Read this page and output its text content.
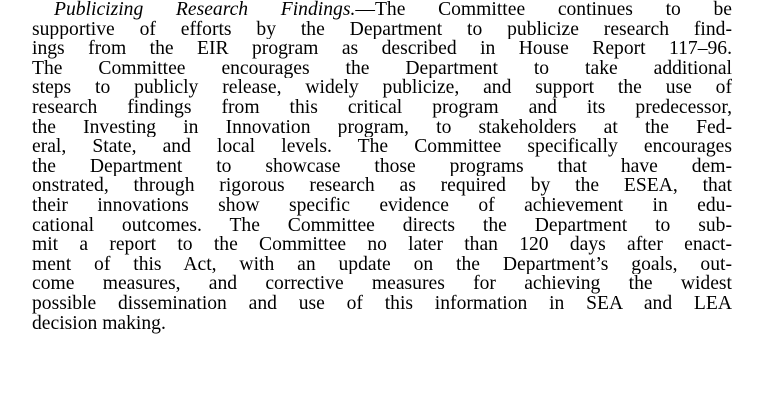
Publicizing Research Findings.—The Committee continues to be
supportive of efforts by the Department to publicize research find-
ings from the EIR program as described in House Report 117–96.
The Committee encourages the Department to take additional
steps to publicly release, widely publicize, and support the use of
research findings from this critical program and its predecessor,
the Investing in Innovation program, to stakeholders at the Fed-
eral, State, and local levels. The Committee specifically encourages
the Department to showcase those programs that have dem-
onstrated, through rigorous research as required by the ESEA, that
their innovations show specific evidence of achievement in edu-
cational outcomes. The Committee directs the Department to sub-
mit a report to the Committee no later than 120 days after enact-
ment of this Act, with an update on the Department’s goals, out-
come measures, and corrective measures for achieving the widest
possible dissemination and use of this information in SEA and LEA
decision making.
